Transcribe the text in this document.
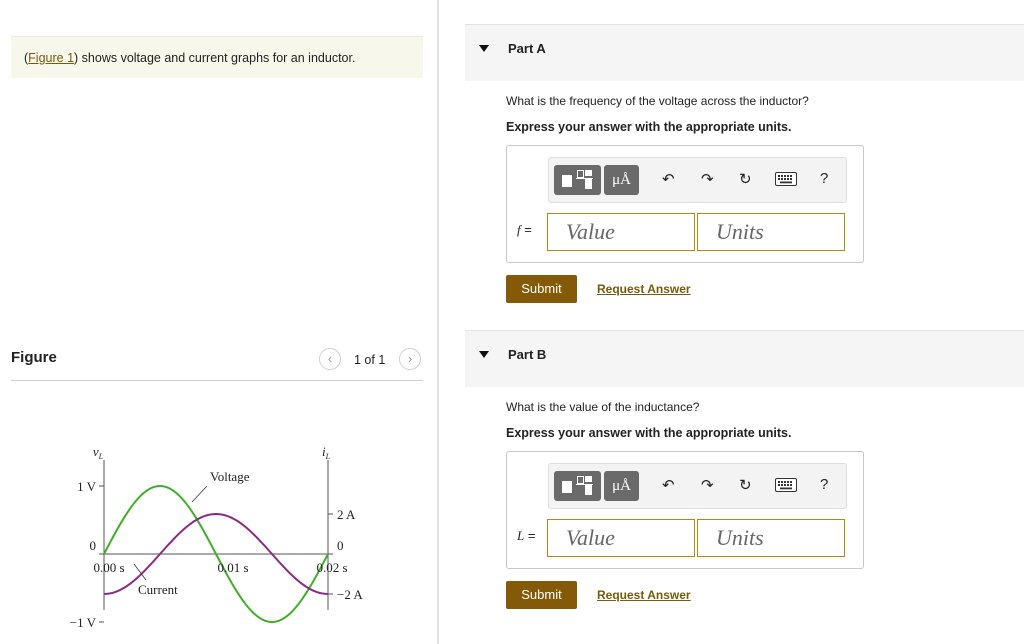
(Figure 1) shows voltage and current graphs for an inductor.
Figure	‹	1 of 1	›
1 V
0
−1 V
2 A
0
−2 A
0.00 s	0.01 s	0.02 s
$v_L$	$i_L$
Voltage
Current
Part A
What is the frequency of the voltage across the inductor?
Express your answer with the appropriate units.
μÅ	↶ ↷ ↻	?
f =	Value	Units
Submit	Request Answer
Part B
What is the value of the inductance?
Express your answer with the appropriate units.
μÅ	↶ ↷ ↻	?
L =	Value	Units
Submit	Request Answer
